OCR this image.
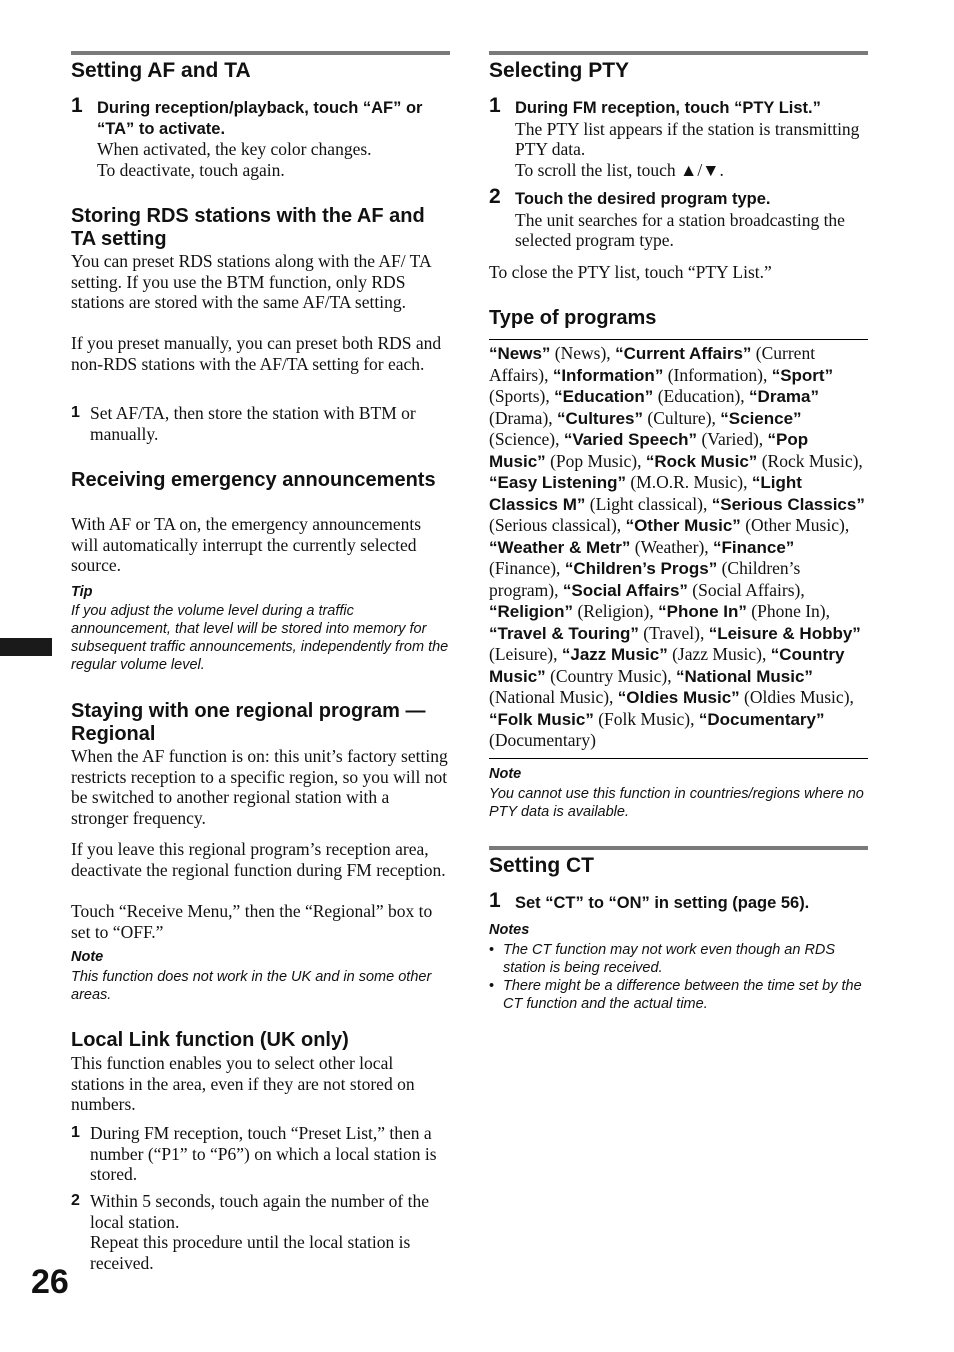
Setting AF and TA
1 During reception/playback, touch “AF” or “TA” to activate.
When activated, the key color changes.
To deactivate, touch again.
Storing RDS stations with the AF and TA setting

You can preset RDS stations along with the AF/ TA setting. If you use the BTM function, only RDS stations are stored with the same AF/TA setting.

If you preset manually, you can preset both RDS and non-RDS stations with the AF/TA setting for each.

1 Set AF/TA, then store the station with BTM or manually.
Receiving emergency announcements

With AF or TA on, the emergency announcements will automatically interrupt the currently selected source.

Tip

If you adjust the volume level during a traffic announcement, that level will be stored into memory for subsequent traffic announcements, independently from the regular volume level.

Staying with one regional program — Regional

When the AF function is on: this unit’s factory setting restricts reception to a specific region, so you will not be switched to another regional station with a stronger frequency.

If you leave this regional program’s reception area, deactivate the regional function during FM reception.

Touch “Receive Menu,” then the “Regional” box to set to “OFF.”

Note

This function does not work in the UK and in some other areas.

Local Link function (UK only)

This function enables you to select other local stations in the area, even if they are not stored on numbers.

1 During FM reception, touch “Preset List,” then a number (“P1” to “P6”) on which a local station is stored.
2 Within 5 seconds, touch again the number of the local station.
Repeat this procedure until the local station is received.
Selecting PTY
1 During FM reception, touch “PTY List.”
The PTY list appears if the station is transmitting PTY data.
To scroll the list, touch ▲/▼.
2 Touch the desired program type.
The unit searches for a station broadcasting the selected program type.

To close the PTY list, touch “PTY List.”

Type of programs

“News” (News), “Current Affairs” (Current Affairs), “Information” (Information), “Sport” (Sports), “Education” (Education), “Drama” (Drama), “Cultures” (Culture), “Science” (Science), “Varied Speech” (Varied), “Pop Music” (Pop Music), “Rock Music” (Rock Music), “Easy Listening” (M.O.R. Music), “Light Classics M” (Light classical), “Serious Classics” (Serious classical), “Other Music” (Other Music), “Weather & Metr” (Weather), “Finance” (Finance), “Children’s Progs” (Children’s program), “Social Affairs” (Social Affairs), “Religion” (Religion), “Phone In” (Phone In), “Travel & Touring” (Travel), “Leisure & Hobby” (Leisure), “Jazz Music” (Jazz Music), “Country Music” (Country Music), “National Music” (National Music), “Oldies Music” (Oldies Music), “Folk Music” (Folk Music), “Documentary” (Documentary)

Note

You cannot use this function in countries/regions where no PTY data is available.

Setting CT
1 Set “CT” to “ON” in setting (page 56).
Notes
• The CT function may not work even though an RDS station is being received.
• There might be a difference between the time set by the CT function and the actual time.
26
